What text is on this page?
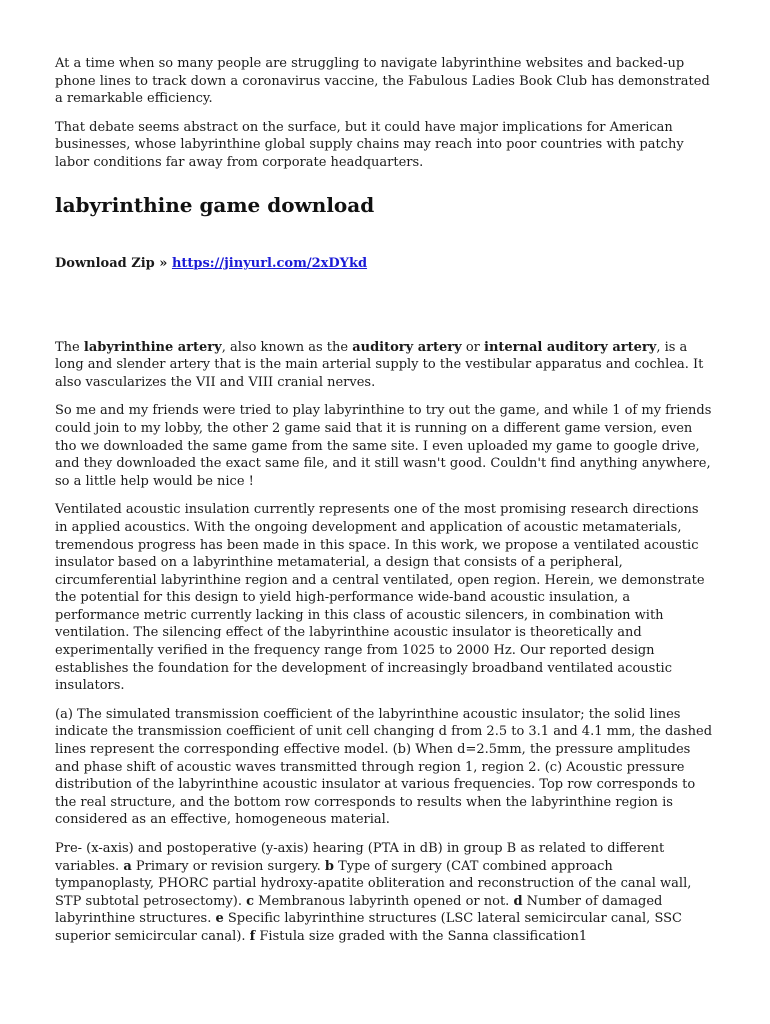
At a time when so many people are struggling to navigate labyrinthine websites and backed-up phone lines to track down a coronavirus vaccine, the Fabulous Ladies Book Club has demonstrated a remarkable efficiency.

That debate seems abstract on the surface, but it could have major implications for American businesses, whose labyrinthine global supply chains may reach into poor countries with patchy labor conditions far away from corporate headquarters.

labyrinthine game download
Download Zip » https://jinyurl.com/2xDYkd

The labyrinthine artery, also known as the auditory artery or internal auditory artery, is a long and slender artery that is the main arterial supply to the vestibular apparatus and cochlea. It also vascularizes the VII and VIII cranial nerves.

So me and my friends were tried to play labyrinthine to try out the game, and while 1 of my friends could join to my lobby, the other 2 game said that it is running on a different game version, even tho we downloaded the same game from the same site. I even uploaded my game to google drive, and they downloaded the exact same file, and it still wasn't good. Couldn't find anything anywhere, so a little help would be nice !

Ventilated acoustic insulation currently represents one of the most promising research directions in applied acoustics. With the ongoing development and application of acoustic metamaterials, tremendous progress has been made in this space. In this work, we propose a ventilated acoustic insulator based on a labyrinthine metamaterial, a design that consists of a peripheral, circumferential labyrinthine region and a central ventilated, open region. Herein, we demonstrate the potential for this design to yield high-performance wide-band acoustic insulation, a performance metric currently lacking in this class of acoustic silencers, in combination with ventilation. The silencing effect of the labyrinthine acoustic insulator is theoretically and experimentally verified in the frequency range from 1025 to 2000 Hz. Our reported design establishes the foundation for the development of increasingly broadband ventilated acoustic insulators.

(a) The simulated transmission coefficient of the labyrinthine acoustic insulator; the solid lines indicate the transmission coefficient of unit cell changing d from 2.5 to 3.1 and 4.1 mm, the dashed lines represent the corresponding effective model. (b) When d=2.5mm, the pressure amplitudes and phase shift of acoustic waves transmitted through region 1, region 2. (c) Acoustic pressure distribution of the labyrinthine acoustic insulator at various frequencies. Top row corresponds to the real structure, and the bottom row corresponds to results when the labyrinthine region is considered as an effective, homogeneous material.

Pre- (x-axis) and postoperative (y-axis) hearing (PTA in dB) in group B as related to different variables. a Primary or revision surgery. b Type of surgery (CAT combined approach tympanoplasty, PHORC partial hydroxy-apatite obliteration and reconstruction of the canal wall, STP subtotal petrosectomy). c Membranous labyrinth opened or not. d Number of damaged labyrinthine structures. e Specific labyrinthine structures (LSC lateral semicircular canal, SSC superior semicircular canal). f Fistula size graded with the Sanna classification1
